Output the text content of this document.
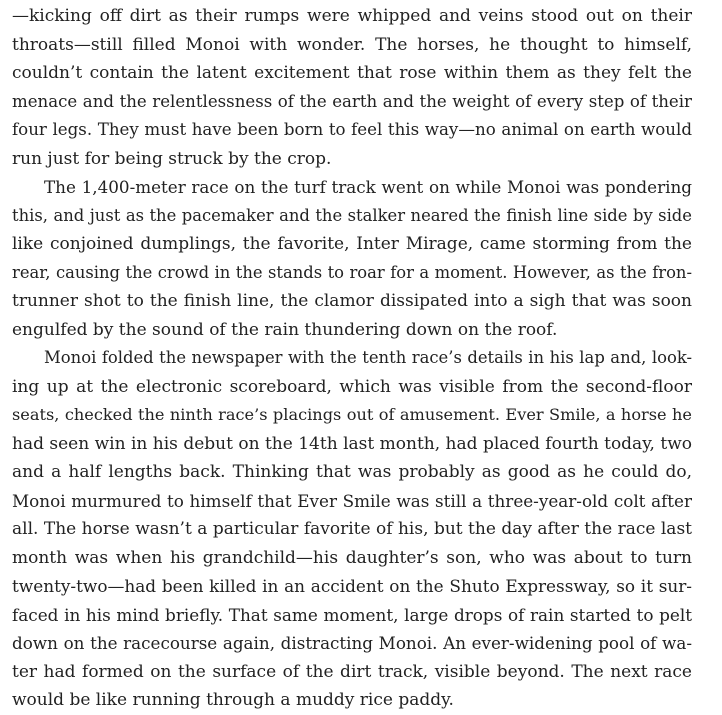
—kicking off dirt as their rumps were whipped and veins stood out on their
throats—still filled Monoi with wonder. The horses, he thought to himself,
couldn’t contain the latent excitement that rose within them as they felt the
menace and the relentlessness of the earth and the weight of every step of their
four legs. They must have been born to feel this way—no animal on earth would
run just for being struck by the crop.
The 1,400-meter race on the turf track went on while Monoi was pondering
this, and just as the pacemaker and the stalker neared the finish line side by side
like conjoined dumplings, the favorite, Inter Mirage, came storming from the
rear, causing the crowd in the stands to roar for a moment. However, as the fron-
trunner shot to the finish line, the clamor dissipated into a sigh that was soon
engulfed by the sound of the rain thundering down on the roof.
Monoi folded the newspaper with the tenth race’s details in his lap and, look-
ing up at the electronic scoreboard, which was visible from the second-floor
seats, checked the ninth race’s placings out of amusement. Ever Smile, a horse he
had seen win in his debut on the 14th last month, had placed fourth today, two
and a half lengths back. Thinking that was probably as good as he could do,
Monoi murmured to himself that Ever Smile was still a three-year-old colt after
all. The horse wasn’t a particular favorite of his, but the day after the race last
month was when his grandchild—his daughter’s son, who was about to turn
twenty-two—had been killed in an accident on the Shuto Expressway, so it sur-
faced in his mind briefly. That same moment, large drops of rain started to pelt
down on the racecourse again, distracting Monoi. An ever-widening pool of wa-
ter had formed on the surface of the dirt track, visible beyond. The next race
would be like running through a muddy rice paddy.
